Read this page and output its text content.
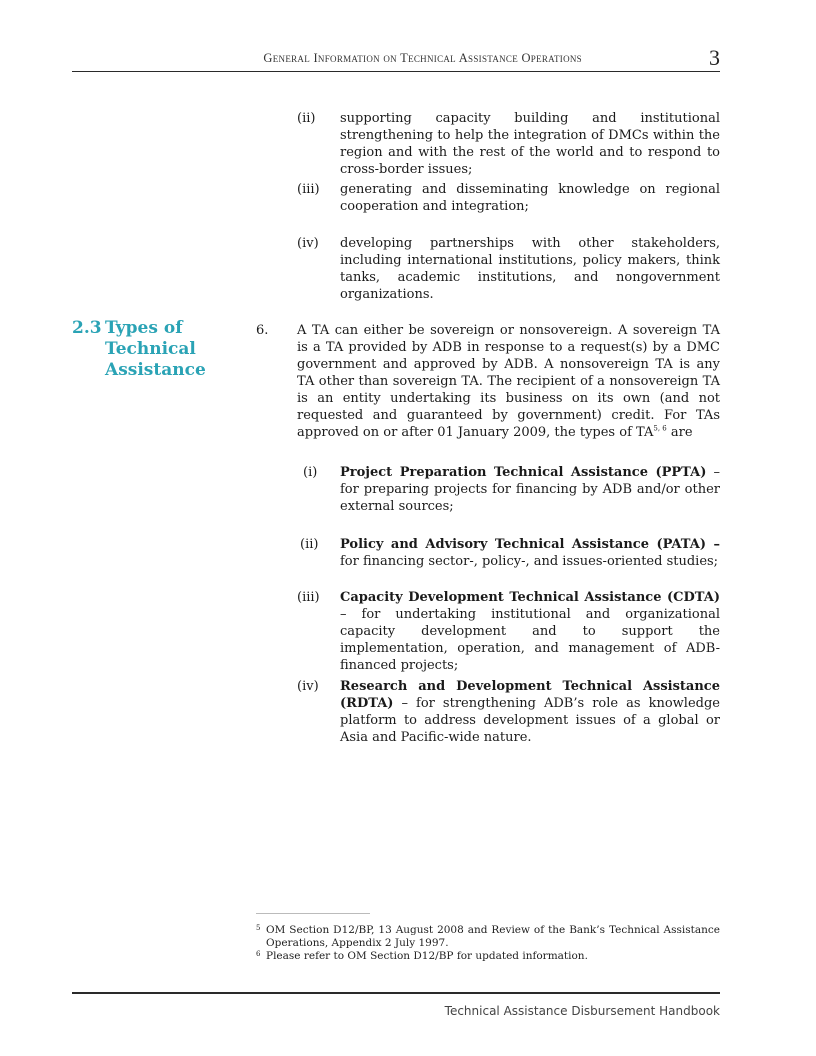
General Information on Technical Assistance Operations	3
(ii) supporting capacity building and institutional strengthening to help the integration of DMCs within the region and with the rest of the world and to respond to cross-border issues;
(iii) generating and disseminating knowledge on regional cooperation and integration;
(iv) developing partnerships with other stakeholders, including international institutions, policy makers, think tanks, academic institutions, and nongovernment organizations.
2.3 Types of Technical Assistance
6. A TA can either be sovereign or nonsovereign. A sovereign TA is a TA provided by ADB in response to a request(s) by a DMC government and approved by ADB. A nonsovereign TA is any TA other than sovereign TA. The recipient of a nonsovereign TA is an entity undertaking its business on its own (and not requested and guaranteed by government) credit. For TAs approved on or after 01 January 2009, the types of TA$^{5, 6}$ are
(i) Project Preparation Technical Assistance (PPTA) – for preparing projects for financing by ADB and/or other external sources;
(ii) Policy and Advisory Technical Assistance (PATA) – for financing sector-, policy-, and issues-oriented studies;
(iii) Capacity Development Technical Assistance (CDTA) – for undertaking institutional and organizational capacity development and to support the implementation, operation, and management of ADB-financed projects;
(iv) Research and Development Technical Assistance (RDTA) – for strengthening ADB’s role as knowledge platform to address development issues of a global or Asia and Pacific-wide nature.
5 OM Section D12/BP, 13 August 2008 and Review of the Bank’s Technical Assistance Operations, Appendix 2 July 1997.
6 Please refer to OM Section D12/BP for updated information.
Technical Assistance Disbursement Handbook
